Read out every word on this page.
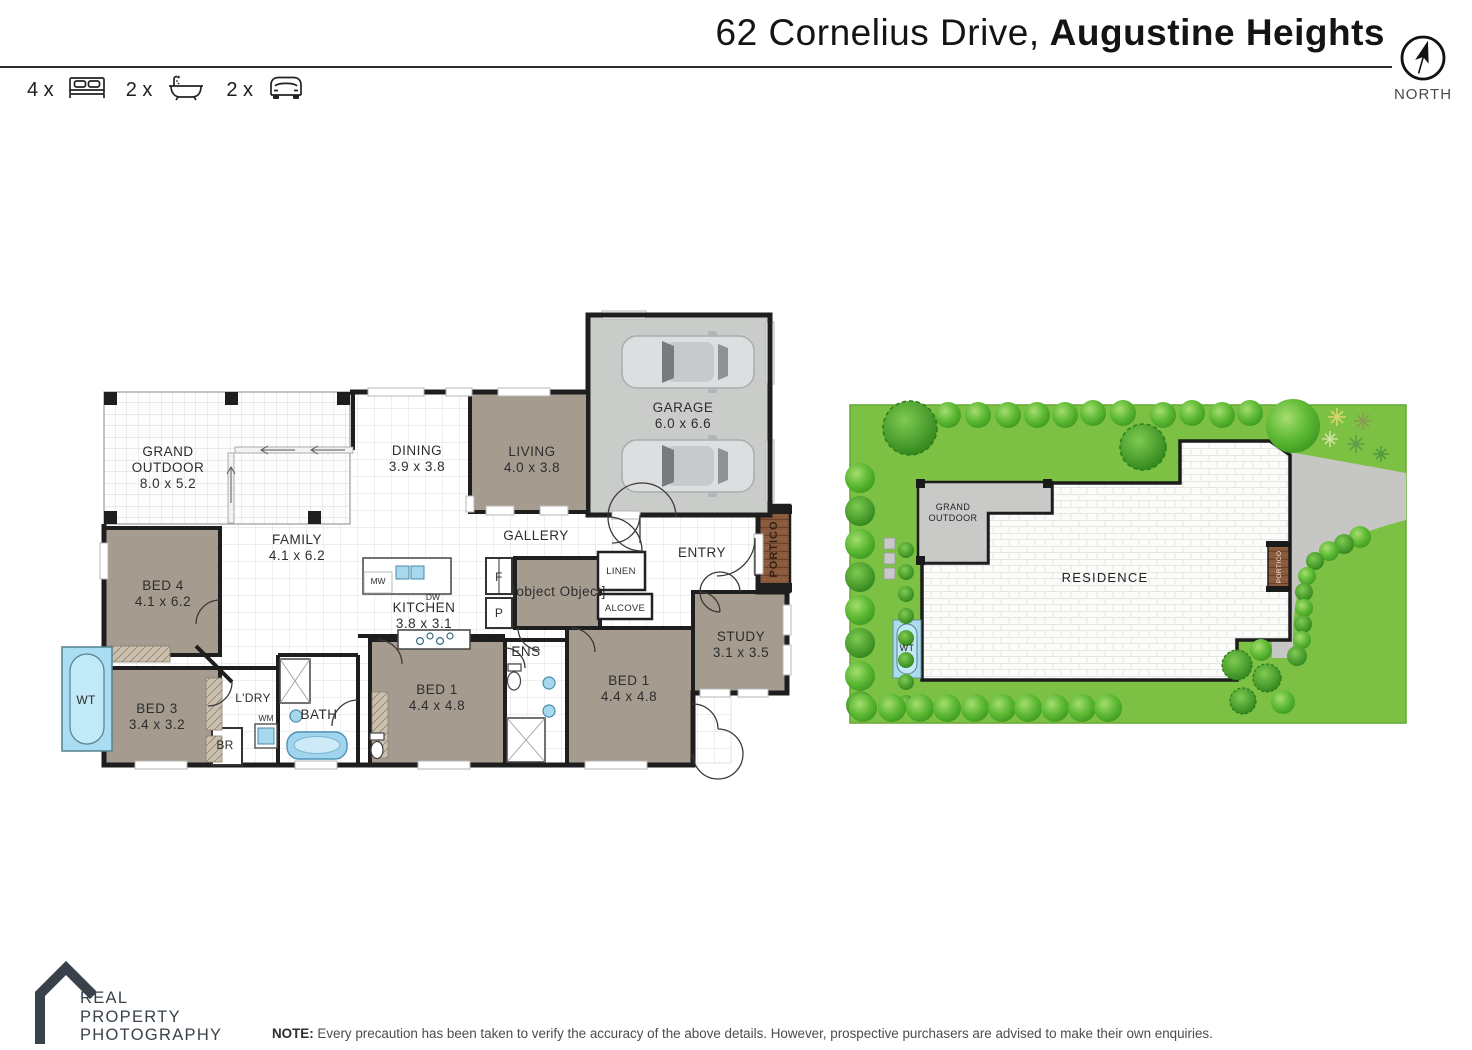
GRAND
OUTDOOR
8.0 x 5.2
DINING
3.9 x 3.8
LIVING
4.0 x 3.8
GARAGE
6.0 x 6.6
FAMILY
4.1 x 6.2
GALLERY
ENTRY	PORTICO
BED 4
4.1 x 6.2	KITCHEN
3.8 x 3.1
MW
DW
F
P
[object Object]
LINEN
ALCOVE
STUDY
3.1 x 3.5
BED 1
4.4 x 4.8
ENS
BED 1
4.4 x 4.8
BED 3
3.4 x 3.2
L'DRY
WM
BR
BATH
WT
GRAND
OUTDOOR
RESIDENCE	PORTICO
WT
62 Cornelius Drive, Augustine Heights
4 x	2 x	2 x	NORTH
REAL
PROPERTY
PHOTOGRAPHY	NOTE: Every precaution has been taken to verify the accuracy of the above details. However, prospective purchasers are advised to make their own enquiries.
